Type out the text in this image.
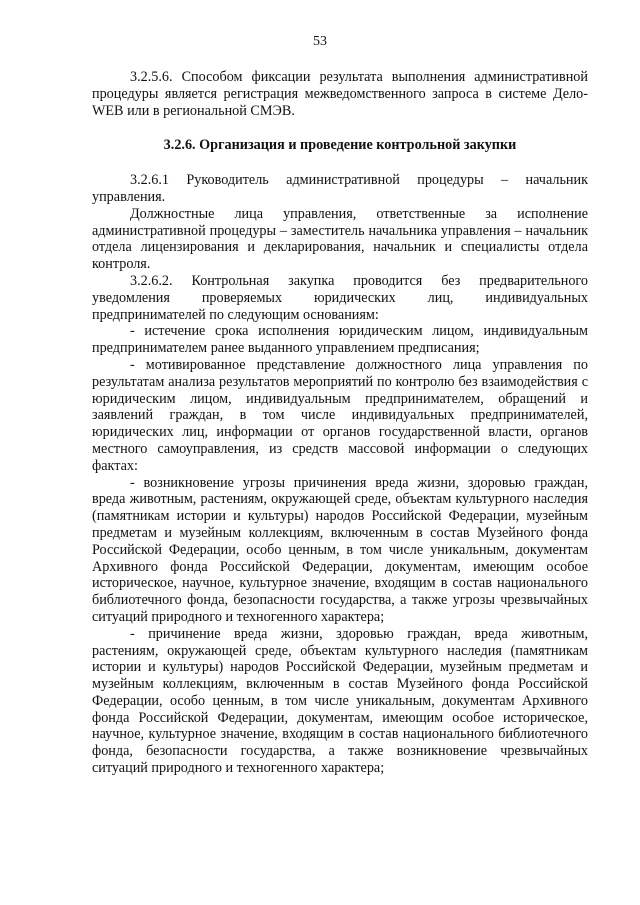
53

3.2.5.6. Способом фиксации результата выполнения административной процедуры является регистрация межведомственного запроса в системе Дело-WEB или в региональной СМЭВ.

3.2.6. Организация и проведение контрольной закупки

3.2.6.1 Руководитель административной процедуры – начальник управления.

Должностные лица управления, ответственные за исполнение административной процедуры – заместитель начальника управления – начальник отдела лицензирования и декларирования, начальник и специалисты отдела контроля.

3.2.6.2. Контрольная закупка проводится без предварительного уведомления проверяемых юридических лиц, индивидуальных предпринимателей по следующим основаниям:

- истечение срока исполнения юридическим лицом, индивидуальным предпринимателем ранее выданного управлением предписания;

- мотивированное представление должностного лица управления по результатам анализа результатов мероприятий по контролю без взаимодействия с юридическим лицом, индивидуальным предпринимателем, обращений и заявлений граждан, в том числе индивидуальных предпринимателей, юридических лиц, информации от органов государственной власти, органов местного самоуправления, из средств массовой информации о следующих фактах:

- возникновение угрозы причинения вреда жизни, здоровью граждан, вреда животным, растениям, окружающей среде, объектам культурного наследия (памятникам истории и культуры) народов Российской Федерации, музейным предметам и музейным коллекциям, включенным в состав Музейного фонда Российской Федерации, особо ценным, в том числе уникальным, документам Архивного фонда Российской Федерации, документам, имеющим особое историческое, научное, культурное значение, входящим в состав национального библиотечного фонда, безопасности государства, а также угрозы чрезвычайных ситуаций природного и техногенного характера;

- причинение вреда жизни, здоровью граждан, вреда животным, растениям, окружающей среде, объектам культурного наследия (памятникам истории и культуры) народов Российской Федерации, музейным предметам и музейным коллекциям, включенным в состав Музейного фонда Российской Федерации, особо ценным, в том числе уникальным, документам Архивного фонда Российской Федерации, документам, имеющим особое историческое, научное, культурное значение, входящим в состав национального библиотечного фонда, безопасности государства, а также возникновение чрезвычайных ситуаций природного и техногенного характера;
